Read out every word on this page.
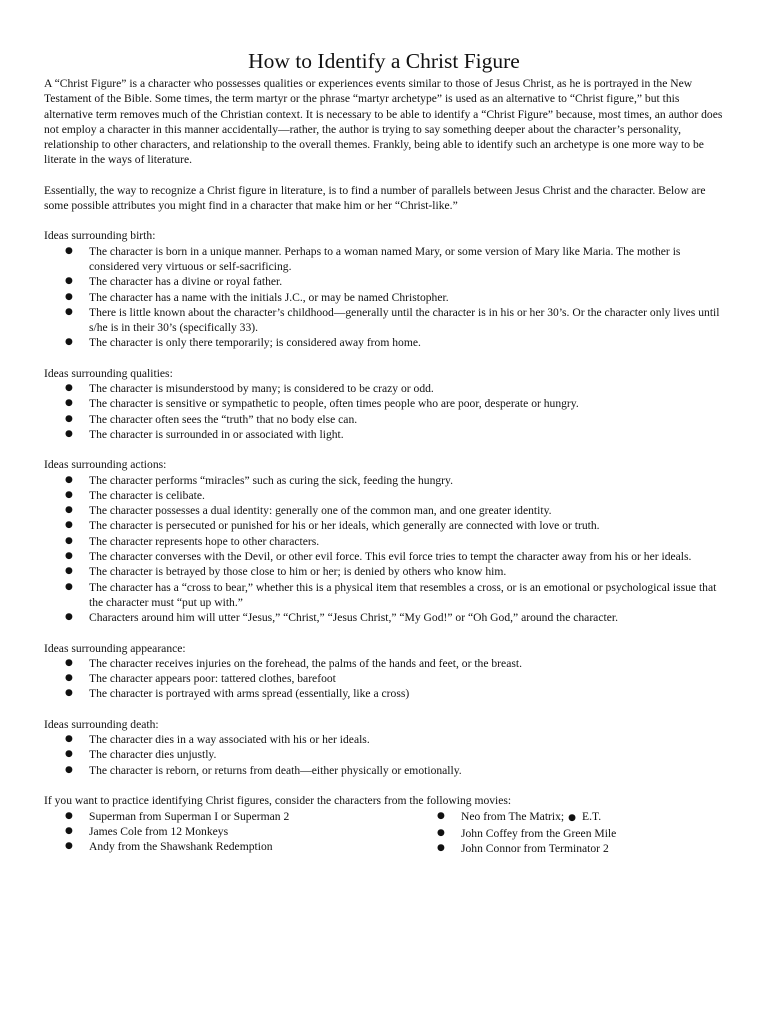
How to Identify a Christ Figure

A “Christ Figure” is a character who possesses qualities or experiences events similar to those of Jesus Christ, as he is portrayed in the New Testament of the Bible. Some times, the term martyr or the phrase “martyr archetype” is used as an alternative to “Christ figure,” but this alternative term removes much of the Christian context. It is necessary to be able to identify a “Christ Figure” because, most times, an author does not employ a character in this manner accidentally—rather, the author is trying to say something deeper about the character’s personality, relationship to other characters, and relationship to the overall themes. Frankly, being able to identify such an archetype is one more way to be literate in the ways of literature.

Essentially, the way to recognize a Christ figure in literature, is to find a number of parallels between Jesus Christ and the character. Below are some possible attributes you might find in a character that make him or her “Christ-like.”

Ideas surrounding birth:

● The character is born in a unique manner. Perhaps to a woman named Mary, or some version of Mary like Maria. The mother is considered very virtuous or self-sacrificing.
● The character has a divine or royal father.
● The character has a name with the initials J.C., or may be named Christopher.
● There is little known about the character’s childhood—generally until the character is in his or her 30’s. Or the character only lives until s/he is in their 30’s (specifically 33).
● The character is only there temporarily; is considered away from home.

Ideas surrounding qualities:

● The character is misunderstood by many; is considered to be crazy or odd.
● The character is sensitive or sympathetic to people, often times people who are poor, desperate or hungry.
● The character often sees the “truth” that no body else can.
● The character is surrounded in or associated with light.

Ideas surrounding actions:

● The character performs “miracles” such as curing the sick, feeding the hungry.
● The character is celibate.
● The character possesses a dual identity: generally one of the common man, and one greater identity.
● The character is persecuted or punished for his or her ideals, which generally are connected with love or truth.
● The character represents hope to other characters.
● The character converses with the Devil, or other evil force. This evil force tries to tempt the character away from his or her ideals.
● The character is betrayed by those close to him or her; is denied by others who know him.
● The character has a “cross to bear,” whether this is a physical item that resembles a cross, or is an emotional or psychological issue that the character must “put up with.”
● Characters around him will utter “Jesus,” “Christ,” “Jesus Christ,” “My God!” or “Oh God,” around the character.

Ideas surrounding appearance:

● The character receives injuries on the forehead, the palms of the hands and feet, or the breast.
● The character appears poor: tattered clothes, barefoot
● The character is portrayed with arms spread (essentially, like a cross)

Ideas surrounding death:

● The character dies in a way associated with his or her ideals.
● The character dies unjustly.
● The character is reborn, or returns from death—either physically or emotionally.

If you want to practice identifying Christ figures, consider the characters from the following movies:

● Superman from Superman I or Superman 2
● James Cole from 12 Monkeys
● Andy from the Shawshank Redemption
● Neo from The Matrix; ● E.T.
● John Coffey from the Green Mile
● John Connor from Terminator 2
